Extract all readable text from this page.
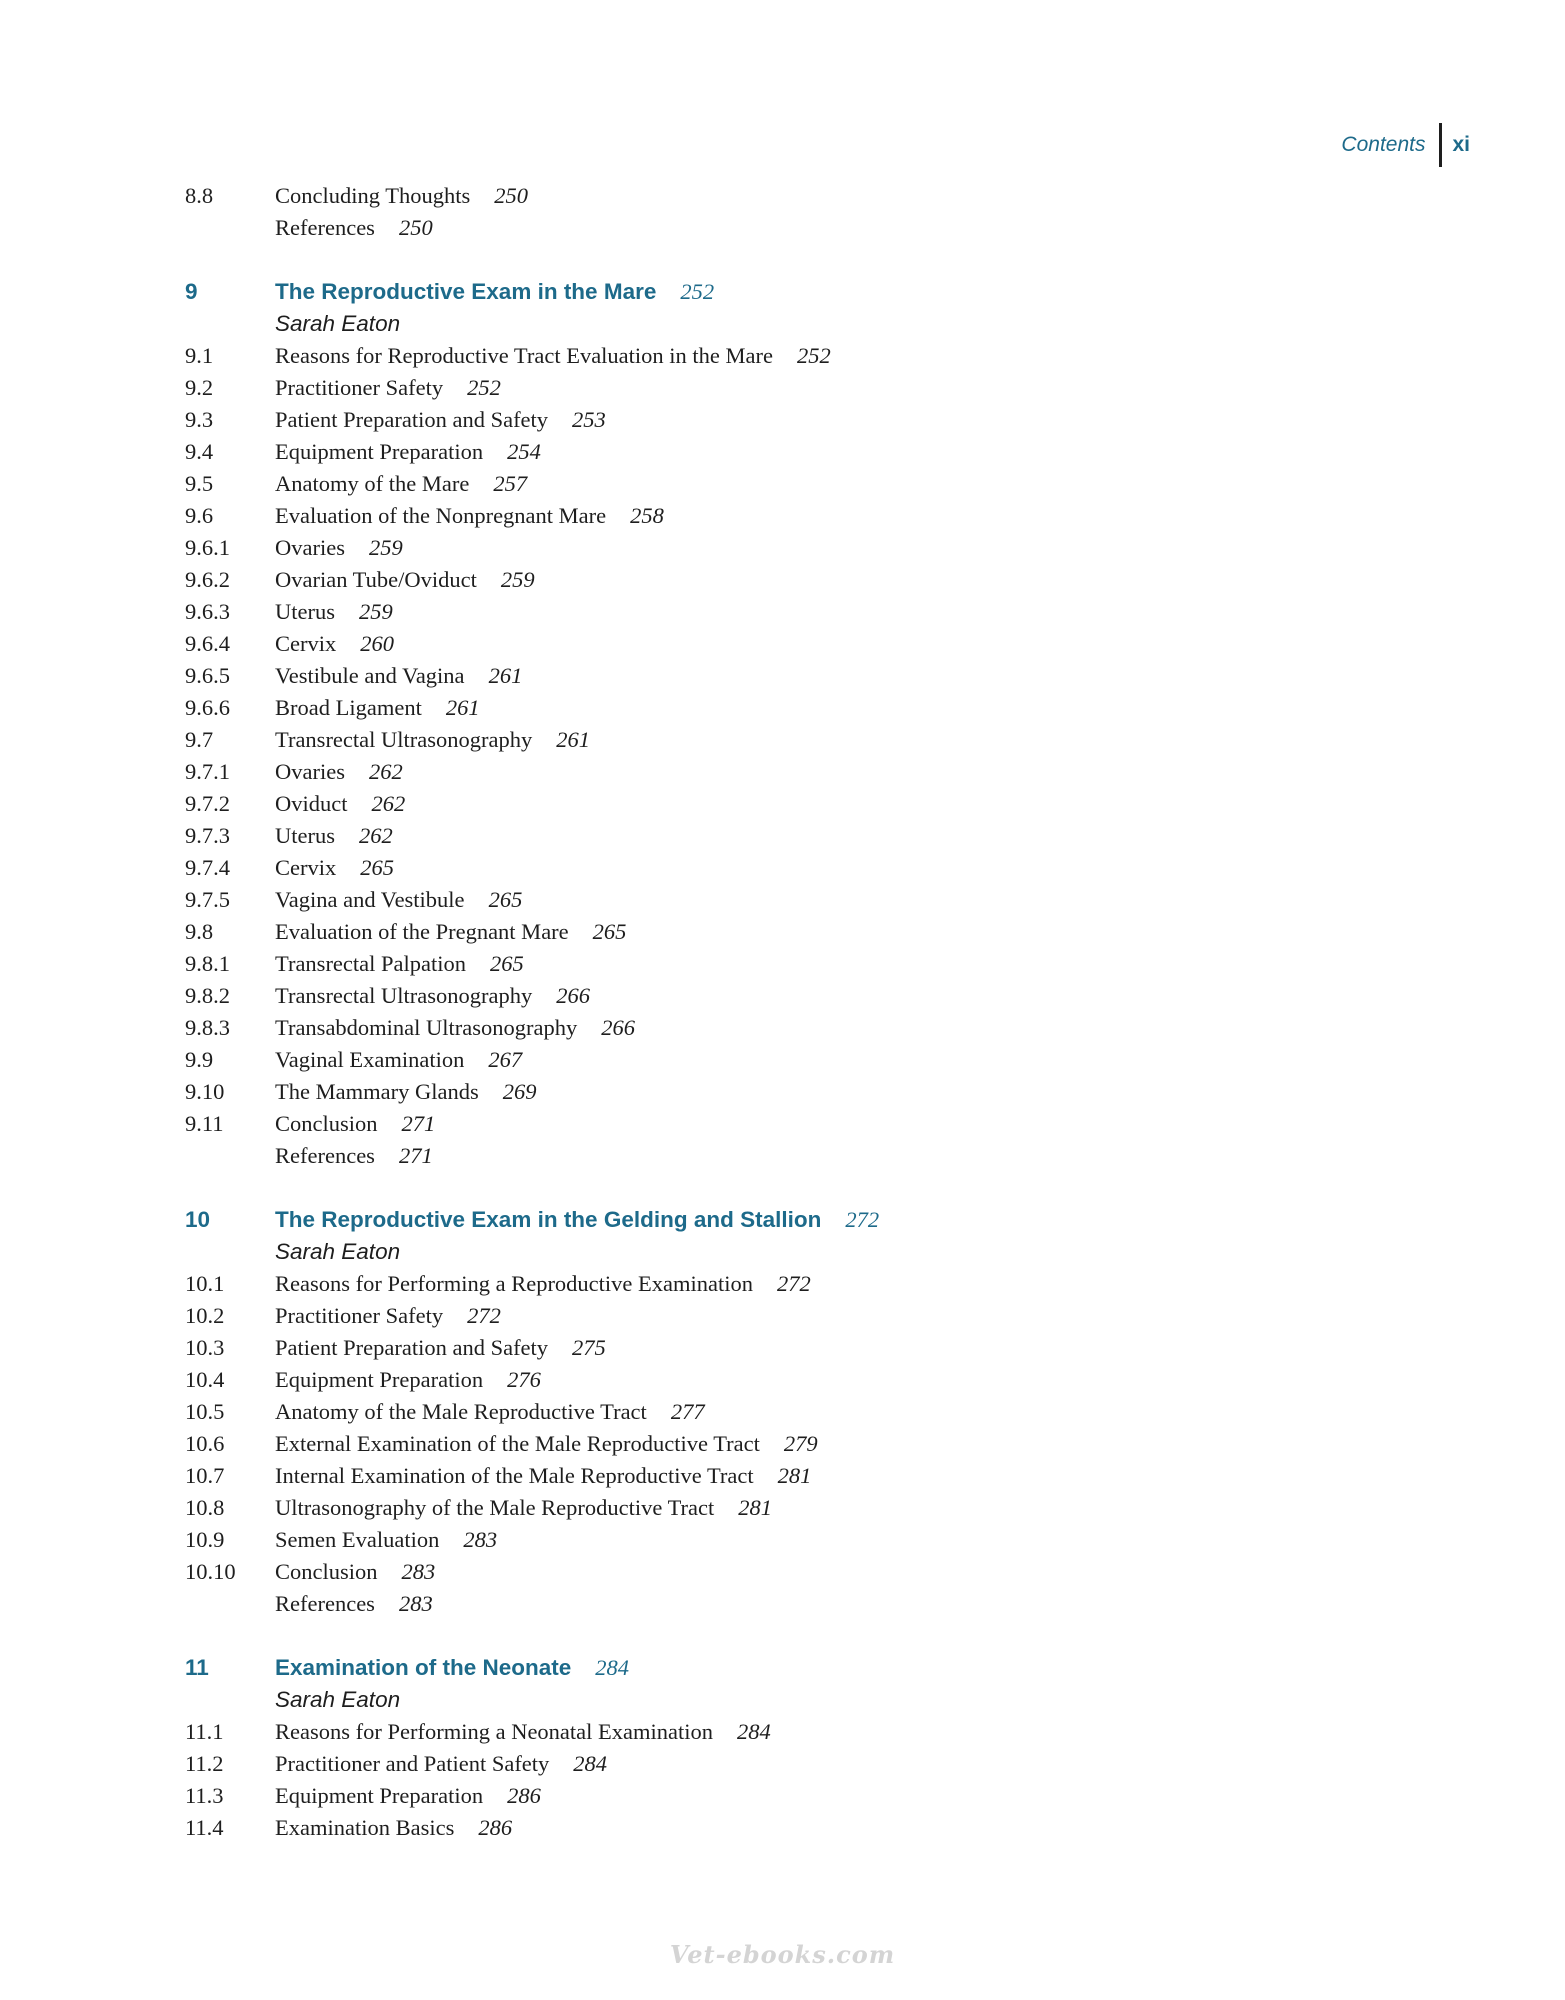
Contents	xi
8.8	Concluding Thoughts 250
References 250
9	The Reproductive Exam in the Mare 252
Sarah Eaton
9.1	Reasons for Reproductive Tract Evaluation in the Mare 252
9.2	Practitioner Safety 252
9.3	Patient Preparation and Safety 253
9.4	Equipment Preparation 254
9.5	Anatomy of the Mare 257
9.6	Evaluation of the Nonpregnant Mare 258
9.6.1	Ovaries 259
9.6.2	Ovarian Tube/Oviduct 259
9.6.3	Uterus 259
9.6.4	Cervix 260
9.6.5	Vestibule and Vagina 261
9.6.6	Broad Ligament 261
9.7	Transrectal Ultrasonography 261
9.7.1	Ovaries 262
9.7.2	Oviduct 262
9.7.3	Uterus 262
9.7.4	Cervix 265
9.7.5	Vagina and Vestibule 265
9.8	Evaluation of the Pregnant Mare 265
9.8.1	Transrectal Palpation 265
9.8.2	Transrectal Ultrasonography 266
9.8.3	Transabdominal Ultrasonography 266
9.9	Vaginal Examination 267
9.10	The Mammary Glands 269
9.11	Conclusion 271
References 271
10	The Reproductive Exam in the Gelding and Stallion 272
Sarah Eaton
10.1	Reasons for Performing a Reproductive Examination 272
10.2	Practitioner Safety 272
10.3	Patient Preparation and Safety 275
10.4	Equipment Preparation 276
10.5	Anatomy of the Male Reproductive Tract 277
10.6	External Examination of the Male Reproductive Tract 279
10.7	Internal Examination of the Male Reproductive Tract 281
10.8	Ultrasonography of the Male Reproductive Tract 281
10.9	Semen Evaluation 283
10.10	Conclusion 283
References 283
11	Examination of the Neonate 284
Sarah Eaton
11.1	Reasons for Performing a Neonatal Examination 284
11.2	Practitioner and Patient Safety 284
11.3	Equipment Preparation 286
11.4	Examination Basics 286
Vet-ebooks.com
